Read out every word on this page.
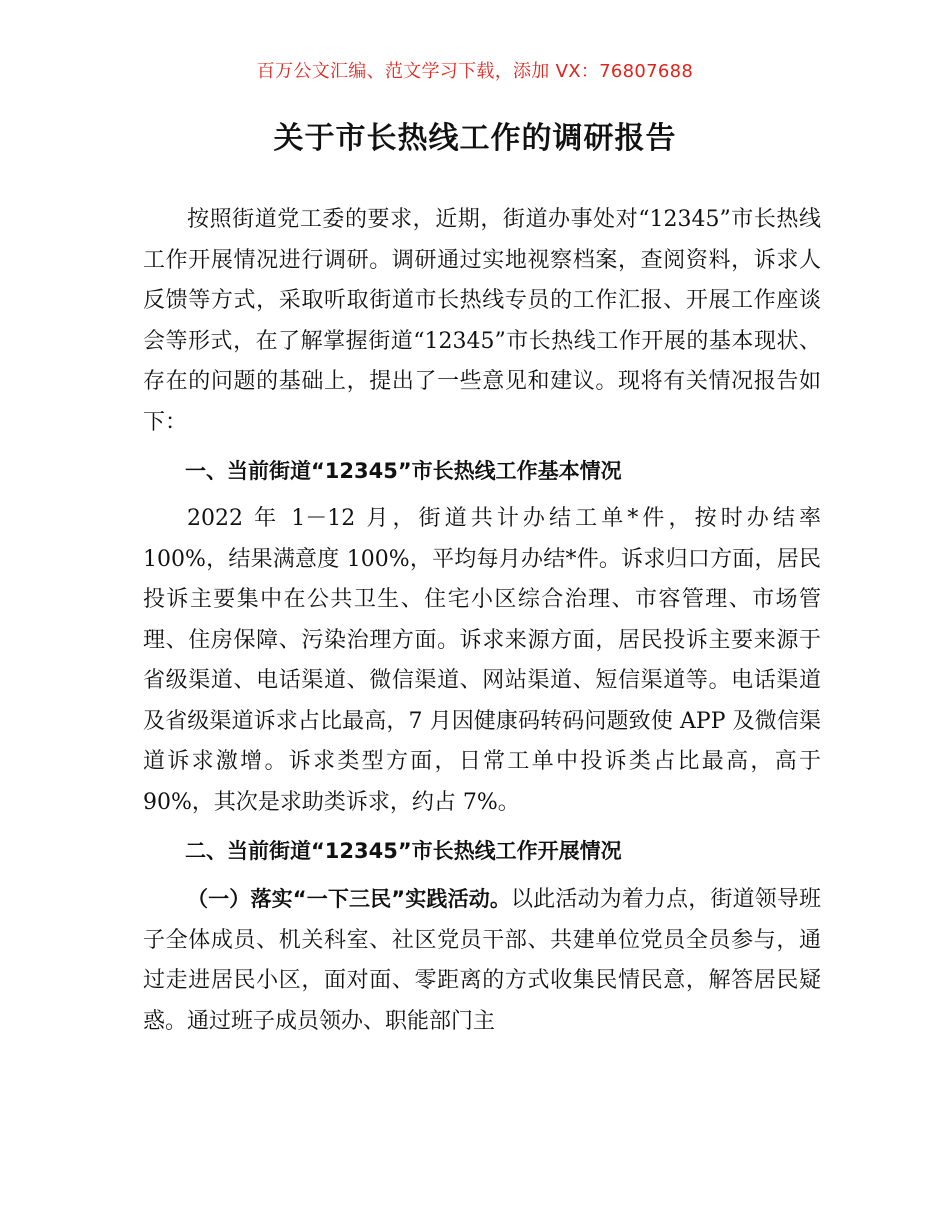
百万公文汇编、范文学习下载，添加 VX：76807688
关于市长热线工作的调研报告

按照街道党工委的要求，近期，街道办事处对“12345”市长热线工作开展情况进行调研。调研通过实地视察档案，查阅资料，诉求人反馈等方式，采取听取街道市长热线专员的工作汇报、开展工作座谈会等形式，在了解掌握街道“12345”市长热线工作开展的基本现状、存在的问题的基础上，提出了一些意见和建议。现将有关情况报告如下：

一、当前街道“12345”市长热线工作基本情况

2022 年 1－12 月，街道共计办结工单*件，按时办结率 100%，结果满意度 100%，平均每月办结*件。诉求归口方面，居民投诉主要集中在公共卫生、住宅小区综合治理、市容管理、市场管理、住房保障、污染治理方面。诉求来源方面，居民投诉主要来源于省级渠道、电话渠道、微信渠道、网站渠道、短信渠道等。电话渠道及省级渠道诉求占比最高，7 月因健康码转码问题致使 APP 及微信渠道诉求激增。诉求类型方面，日常工单中投诉类占比最高，高于 90%，其次是求助类诉求，约占 7%。

二、当前街道“12345”市长热线工作开展情况

（一）落实“一下三民”实践活动。以此活动为着力点，街道领导班子全体成员、机关科室、社区党员干部、共建单位党员全员参与，通过走进居民小区，面对面、零距离的方式收集民情民意，解答居民疑惑。通过班子成员领办、职能部门主
